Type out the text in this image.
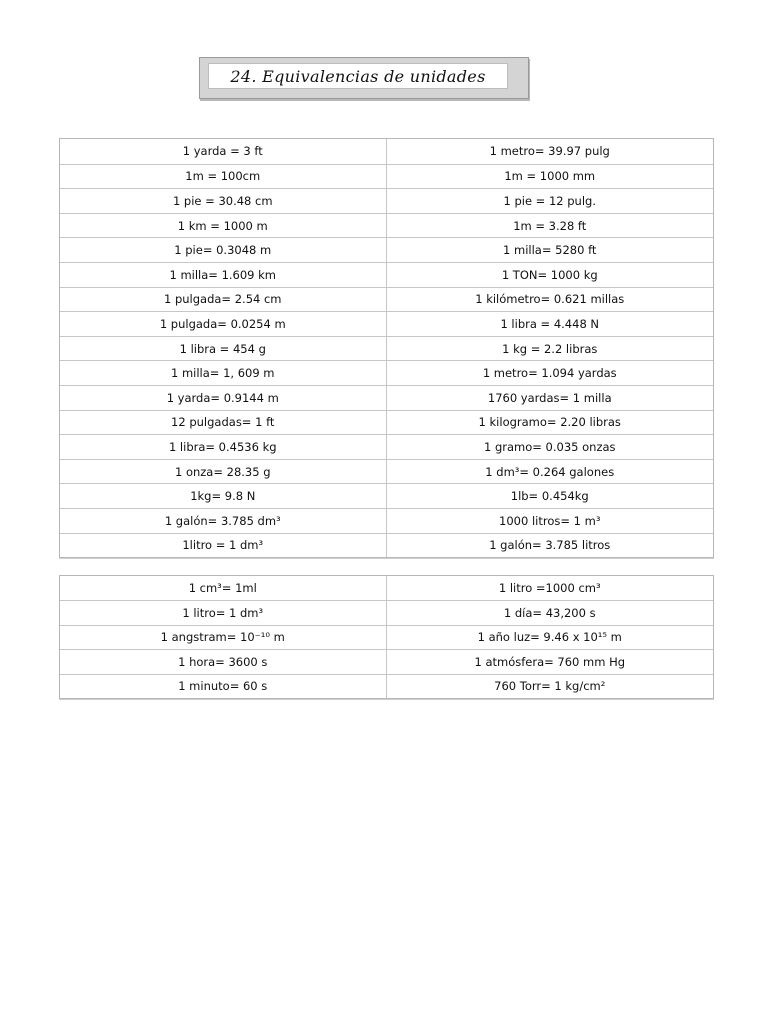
24. Equivalencias de unidades
1 yarda = 3 ft	1 metro= 39.97 pulg
1m = 100cm	1m = 1000 mm
1 pie = 30.48 cm	1 pie = 12 pulg.
1 km = 1000 m	1m = 3.28 ft
1 pie= 0.3048 m	1 milla= 5280 ft
1 milla= 1.609 km	1 TON= 1000 kg
1 pulgada= 2.54 cm	1 kilómetro= 0.621 millas
1 pulgada= 0.0254 m	1 libra = 4.448 N
1 libra = 454 g	1 kg = 2.2 libras
1 milla= 1, 609 m	1 metro= 1.094 yardas
1 yarda= 0.9144 m	1760 yardas= 1 milla
12 pulgadas= 1 ft	1 kilogramo= 2.20 libras
1 libra= 0.4536 kg	1 gramo= 0.035 onzas
1 onza= 28.35 g	1 dm³= 0.264 galones
1kg= 9.8 N	1lb= 0.454kg
1 galón= 3.785 dm³	1000 litros= 1 m³
1litro = 1 dm³	1 galón= 3.785 litros
1 cm³= 1ml	1 litro =1000 cm³
1 litro= 1 dm³	1 día= 43,200 s
1 angstram= 10⁻¹⁰ m	1 año luz= 9.46 x 10¹⁵ m
1 hora= 3600 s	1 atmósfera= 760 mm Hg
1 minuto= 60 s	760 Torr= 1 kg/cm²
